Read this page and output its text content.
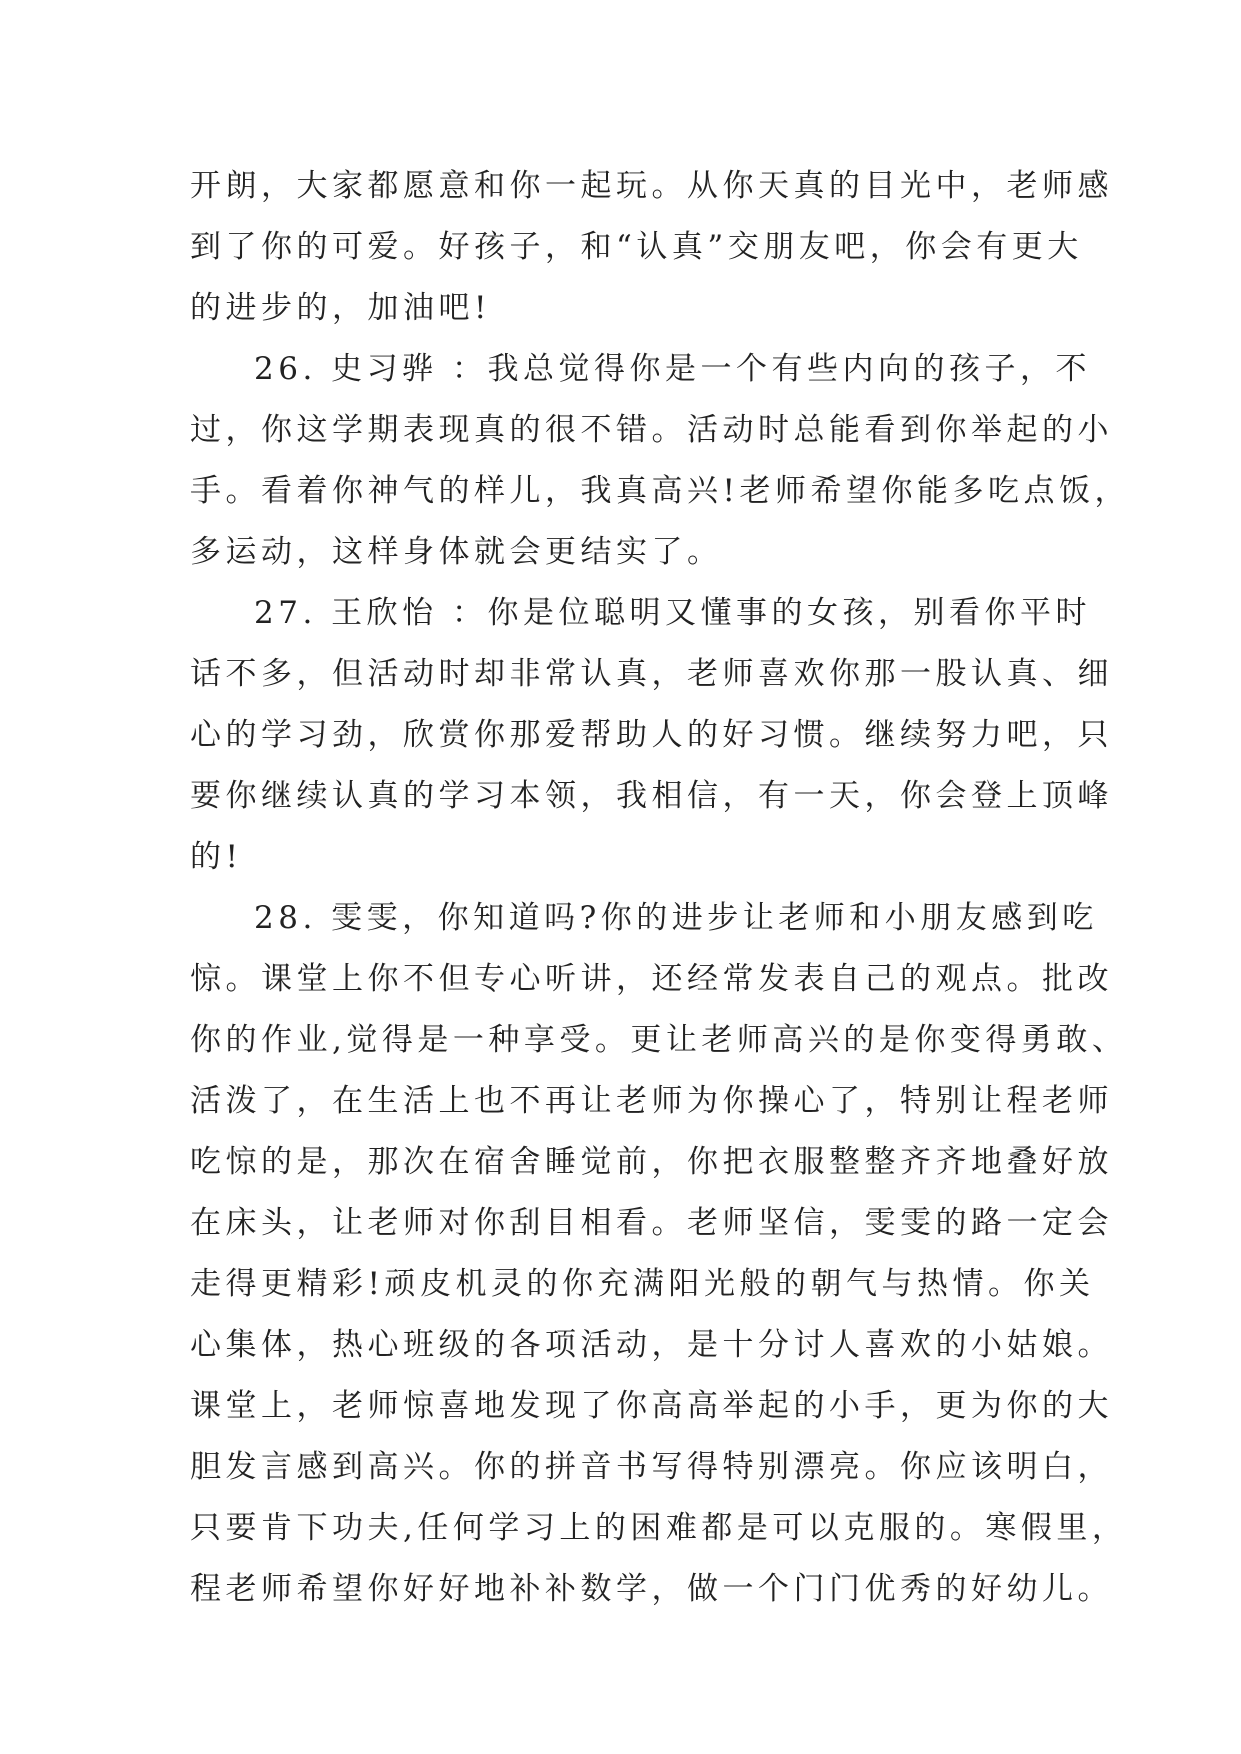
开朗，大家都愿意和你一起玩。从你天真的目光中，老师感
到了你的可爱。好孩子，和“认真”交朋友吧，你会有更大
的进步的，加油吧!
26. 史习骅 ：我总觉得你是一个有些内向的孩子，不
过，你这学期表现真的很不错。活动时总能看到你举起的小
手。看着你神气的样儿，我真高兴!老师希望你能多吃点饭，
多运动，这样身体就会更结实了。
27. 王欣怡 ：你是位聪明又懂事的女孩，别看你平时
话不多，但活动时却非常认真，老师喜欢你那一股认真、细
心的学习劲，欣赏你那爱帮助人的好习惯。继续努力吧，只
要你继续认真的学习本领，我相信，有一天，你会登上顶峰
的!
28. 雯雯，你知道吗?你的进步让老师和小朋友感到吃
惊。课堂上你不但专心听讲，还经常发表自己的观点。批改
你的作业,觉得是一种享受。更让老师高兴的是你变得勇敢、
活泼了，在生活上也不再让老师为你操心了，特别让程老师
吃惊的是，那次在宿舍睡觉前，你把衣服整整齐齐地叠好放
在床头，让老师对你刮目相看。老师坚信，雯雯的路一定会
走得更精彩!顽皮机灵的你充满阳光般的朝气与热情。你关
心集体，热心班级的各项活动，是十分讨人喜欢的小姑娘。
课堂上，老师惊喜地发现了你高高举起的小手，更为你的大
胆发言感到高兴。你的拼音书写得特别漂亮。你应该明白，
只要肯下功夫,任何学习上的困难都是可以克服的。寒假里，
程老师希望你好好地补补数学，做一个门门优秀的好幼儿。
